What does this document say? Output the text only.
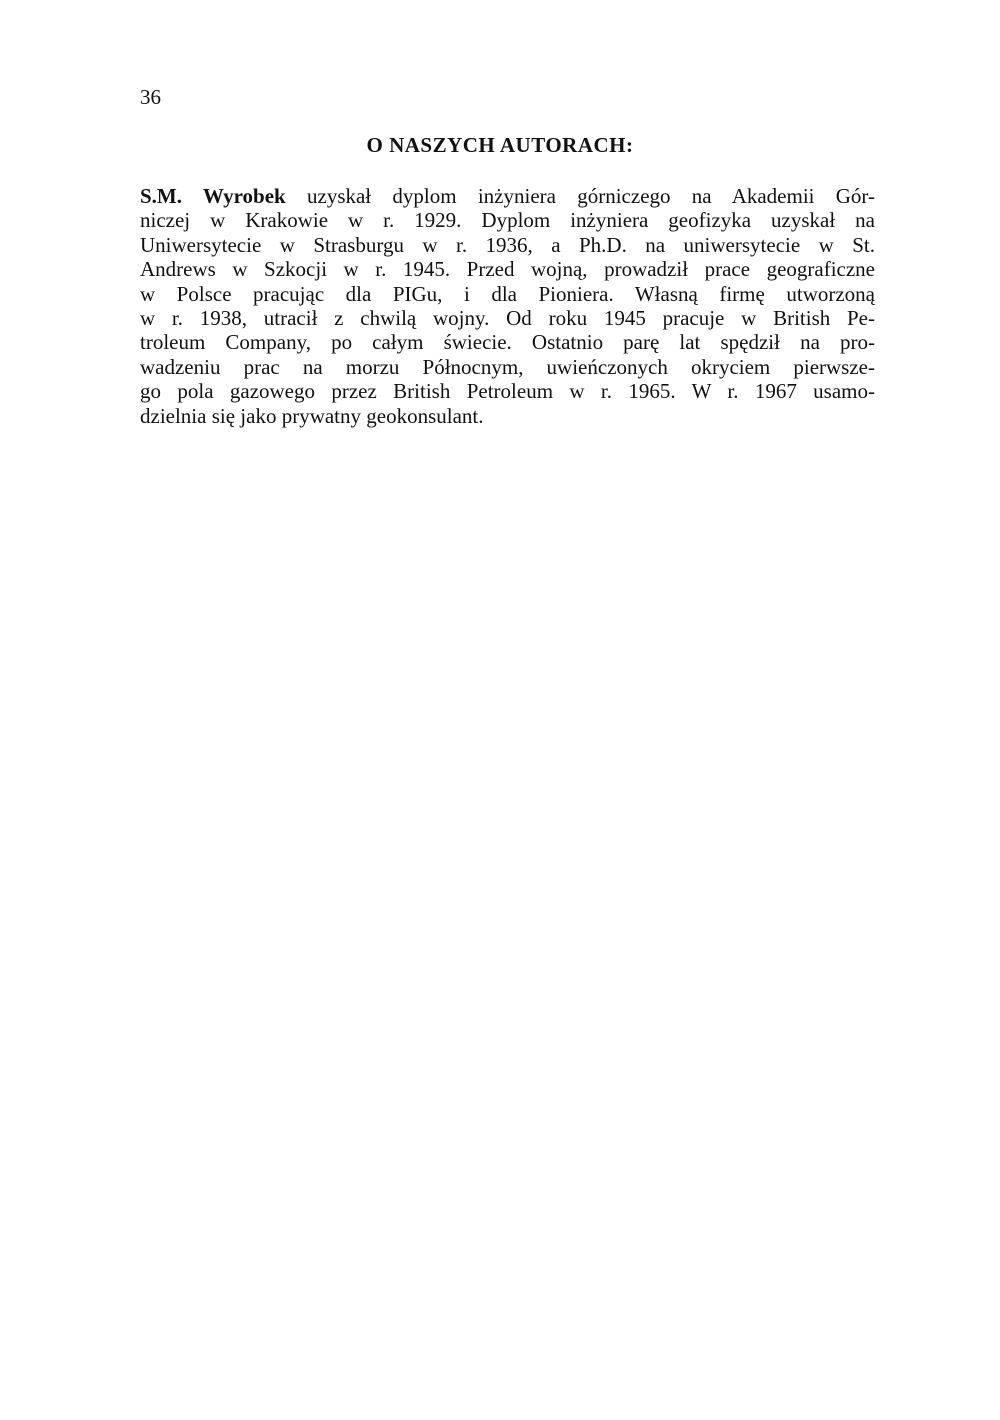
36
O NASZYCH AUTORACH:
S.M. Wyrobek uzyskał dyplom inżyniera górniczego na Akademii Gór-
niczej w Krakowie w r. 1929. Dyplom inżyniera geofizyka uzyskał na
Uniwersytecie w Strasburgu w r. 1936, a Ph.D. na uniwersytecie w St.
Andrews w Szkocji w r. 1945. Przed wojną, prowadził prace geograficzne
w Polsce pracując dla PIGu, i dla Pioniera. Własną firmę utworzoną
w r. 1938, utracił z chwilą wojny. Od roku 1945 pracuje w British Pe-
troleum Company, po całym świecie. Ostatnio parę lat spędził na pro-
wadzeniu prac na morzu Północnym, uwieńczonych okryciem pierwsze-
go pola gazowego przez British Petroleum w r. 1965. W r. 1967 usamo-
dzielnia się jako prywatny geokonsulant.
